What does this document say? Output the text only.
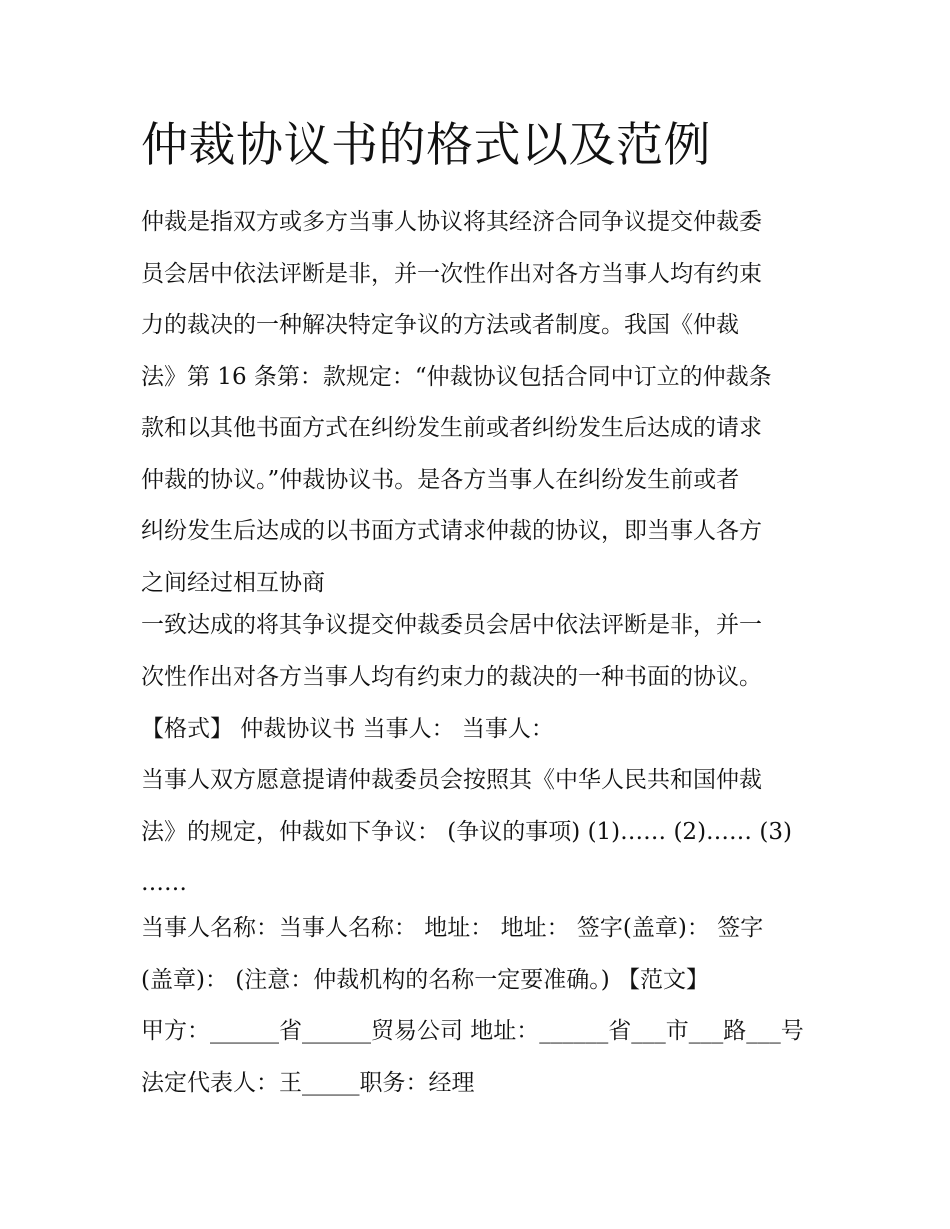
仲裁协议书的格式以及范例
仲裁是指双方或多方当事人协议将其经济合同争议提交仲裁委
员会居中依法评断是非，并一次性作出对各方当事人均有约束
力的裁决的一种解决特定争议的方法或者制度。我国《仲裁
法》第 16 条第：款规定：“仲裁协议包括合同中订立的仲裁条
款和以其他书面方式在纠纷发生前或者纠纷发生后达成的请求
仲裁的协议。”仲裁协议书。是各方当事人在纠纷发生前或者
纠纷发生后达成的以书面方式请求仲裁的协议，即当事人各方
之间经过相互协商
一致达成的将其争议提交仲裁委员会居中依法评断是非，并一
次性作出对各方当事人均有约束力的裁决的一种书面的协议。
【格式】 仲裁协议书 当事人： 当事人：
当事人双方愿意提请仲裁委员会按照其《中华人民共和国仲裁
法》的规定，仲裁如下争议： (争议的事项) (1)…… (2)…… (3)
……
当事人名称：当事人名称： 地址： 地址： 签字(盖章)： 签字
(盖章)： (注意：仲裁机构的名称一定要准确。) 【范文】
甲方：______省______贸易公司 地址：______省___市___路___号
法定代表人：王_____职务：经理
